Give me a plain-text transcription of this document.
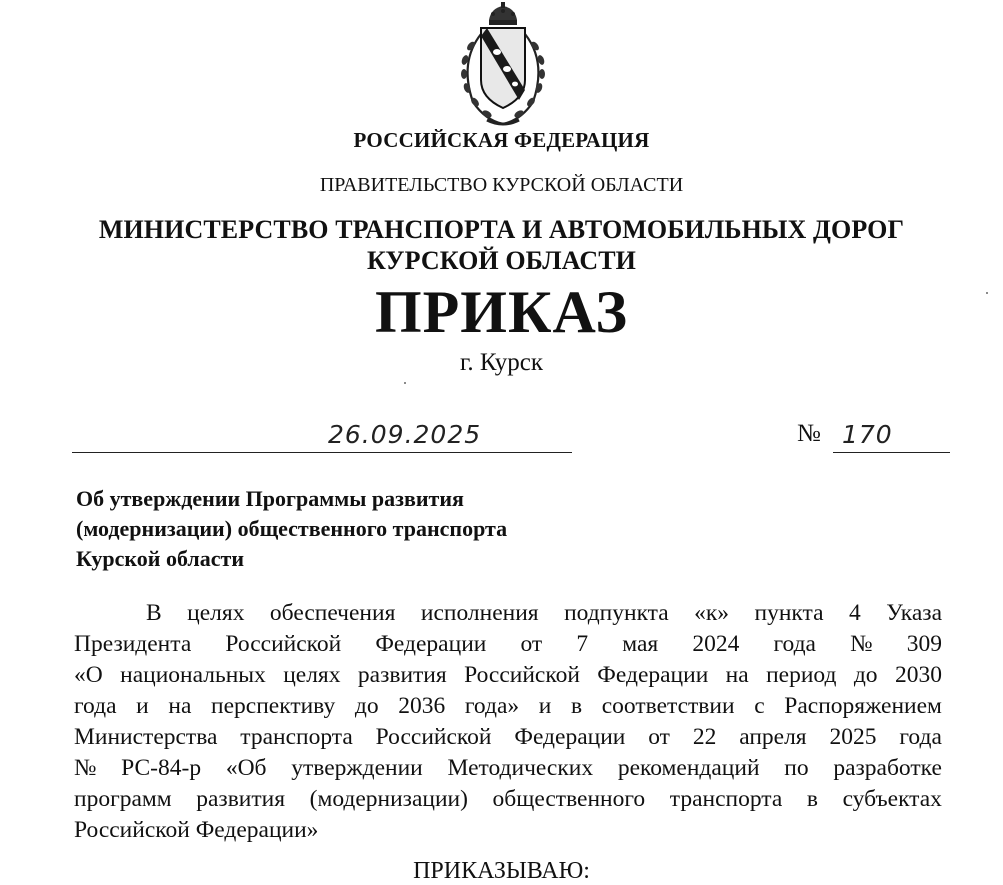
РОССИЙСКАЯ ФЕДЕРАЦИЯ
ПРАВИТЕЛЬСТВО КУРСКОЙ ОБЛАСТИ
МИНИСТЕРСТВО ТРАНСПОРТА И АВТОМОБИЛЬНЫХ ДОРОГ
КУРСКОЙ ОБЛАСТИ
ПРИКАЗ
г. Курск
26.09.2025	№ 170
Об утверждении Программы развития
(модернизации) общественного транспорта
Курской области
В целях обеспечения исполнения подпункта «к» пункта 4 Указа
Президента Российской Федерации от 7 мая 2024 года № 309
«О национальных целях развития Российской Федерации на период до 2030
года и на перспективу до 2036 года» и в соответствии с Распоряжением
Министерства транспорта Российской Федерации от 22 апреля 2025 года
№ РС-84-р «Об утверждении Методических рекомендаций по разработке
программ развития (модернизации) общественного транспорта в субъектах
Российской Федерации»
ПРИКАЗЫВАЮ:
